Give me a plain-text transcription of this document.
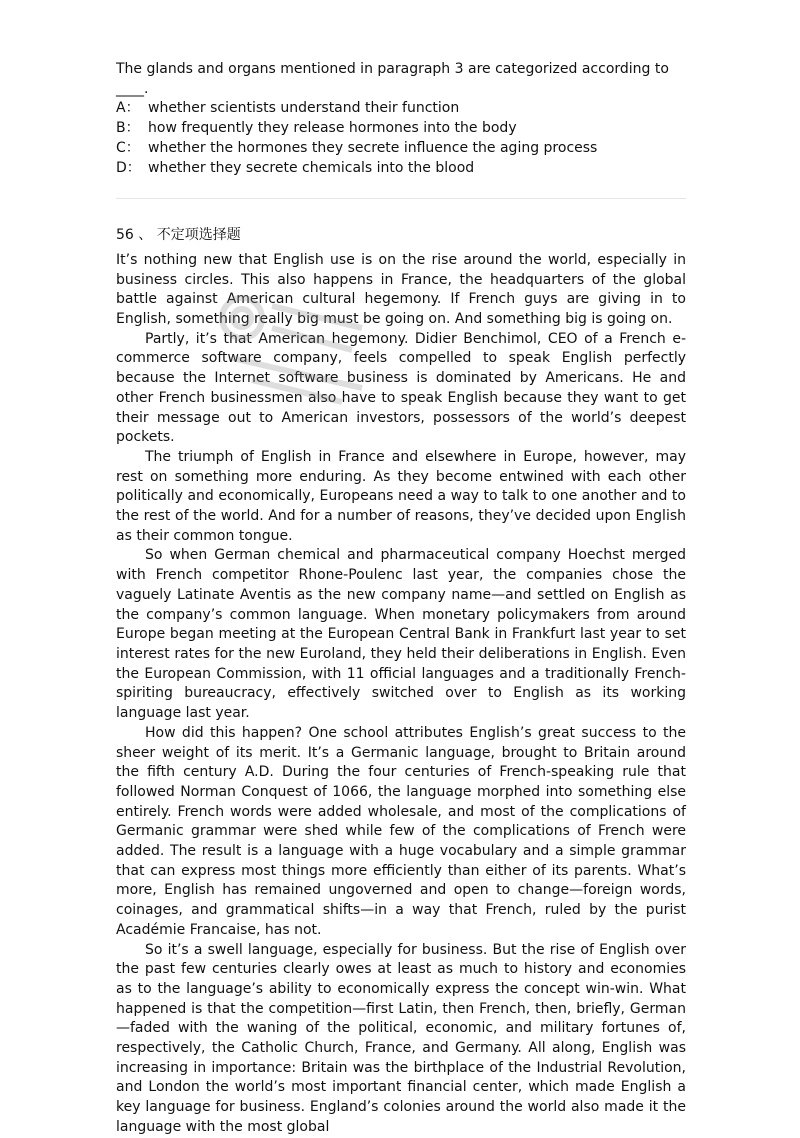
The glands and organs mentioned in paragraph 3 are categorized according to ____.

A： whether scientists understand their function
B： how frequently they release hormones into the body
C： whether the hormones they secrete influence the aging process
D： whether they secrete chemicals into the blood
56 、 不定项选择题

It’s nothing new that English use is on the rise around the world, especially in business circles. This also happens in France, the headquarters of the global battle against American cultural hegemony. If French guys are giving in to English, something really big must be going on. And something big is going on.

Partly, it’s that American hegemony. Didier Benchimol, CEO of a French e-commerce software company, feels compelled to speak English perfectly because the Internet software business is dominated by Americans. He and other French businessmen also have to speak English because they want to get their message out to American investors, possessors of the world’s deepest pockets.

The triumph of English in France and elsewhere in Europe, however, may rest on something more enduring. As they become entwined with each other politically and economically, Europeans need a way to talk to one another and to the rest of the world. And for a number of reasons, they’ve decided upon English as their common tongue.

So when German chemical and pharmaceutical company Hoechst merged with French competitor Rhone-Poulenc last year, the companies chose the vaguely Latinate Aventis as the new company name—and settled on English as the company’s common language. When monetary policymakers from around Europe began meeting at the European Central Bank in Frankfurt last year to set interest rates for the new Euroland, they held their deliberations in English. Even the European Commission, with 11 official languages and a traditionally French-spiriting bureaucracy, effectively switched over to English as its working language last year.

How did this happen? One school attributes English’s great success to the sheer weight of its merit. It’s a Germanic language, brought to Britain around the fifth century A.D. During the four centuries of French-speaking rule that followed Norman Conquest of 1066, the language morphed into something else entirely. French words were added wholesale, and most of the complications of Germanic grammar were shed while few of the complications of French were added. The result is a language with a huge vocabulary and a simple grammar that can express most things more efficiently than either of its parents. What’s more, English has remained ungoverned and open to change—foreign words, coinages, and grammatical shifts—in a way that French, ruled by the purist Académie Francaise, has not.

So it’s a swell language, especially for business. But the rise of English over the past few centuries clearly owes at least as much to history and economies as to the language’s ability to economically express the concept win-win. What happened is that the competition—first Latin, then French, then, briefly, German—faded with the waning of the political, economic, and military fortunes of, respectively, the Catholic Church, France, and Germany. All along, English was increasing in importance: Britain was the birthplace of the Industrial Revolution, and London the world’s most important financial center, which made English a key language for business. England’s colonies around the world also made it the language with the most global
